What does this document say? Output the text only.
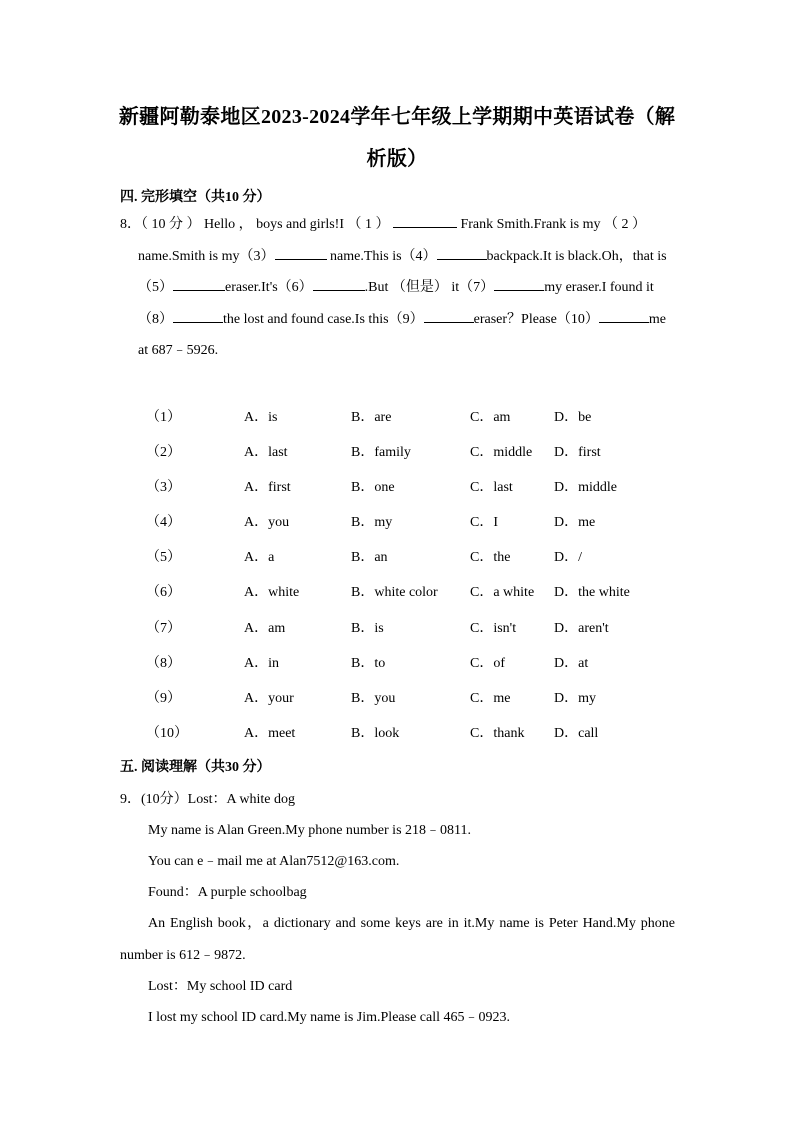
新疆阿勒泰地区2023-2024学年七年级上学期期中英语试卷（解
析版）
四. 完形填空（共10 分）
8．（ 10 分 ） Hello ， boys and girls!I （ 1 ）	Frank Smith.Frank is my （ 2 ）
name.Smith is my（3）	name.This is（4）	backpack.It is black.Oh，that is
（5）	eraser.It's（6）	.But （但是） it（7）	my eraser.I found it
（8）	the lost and found case.Is this（9）	eraser？Please（10）	me
at 687﹣5926.
（1）	A．is	B．are	C．am	D．be
（2）	A．last	B．family	C．middle D．first
（3）	A．first	B．one	C．last	D．middle
（4）	A．you	B．my	C．I	D．me
（5）	A．a	B．an	C．the	D．/
（6）	A．white	B．white color C．a white D．the white
（7）	A．am	B．is	C．isn't	D．aren't
（8）	A．in	B．to	C．of	D．at
（9）	A．your	B．you	C．me	D．my
（10）	A．meet	B．look	C．thank D．call
五. 阅读理解（共30 分）
9．(10分）Lost：A white dog
My name is Alan Green.My phone number is 218﹣0811.
You can e﹣mail me at Alan7512@163.com.
Found：A purple schoolbag
An English book，a dictionary and some keys are in it.My name is Peter Hand.My phone
number is 612﹣9872.
Lost：My school ID card
I lost my school ID card.My name is Jim.Please call 465﹣0923.
